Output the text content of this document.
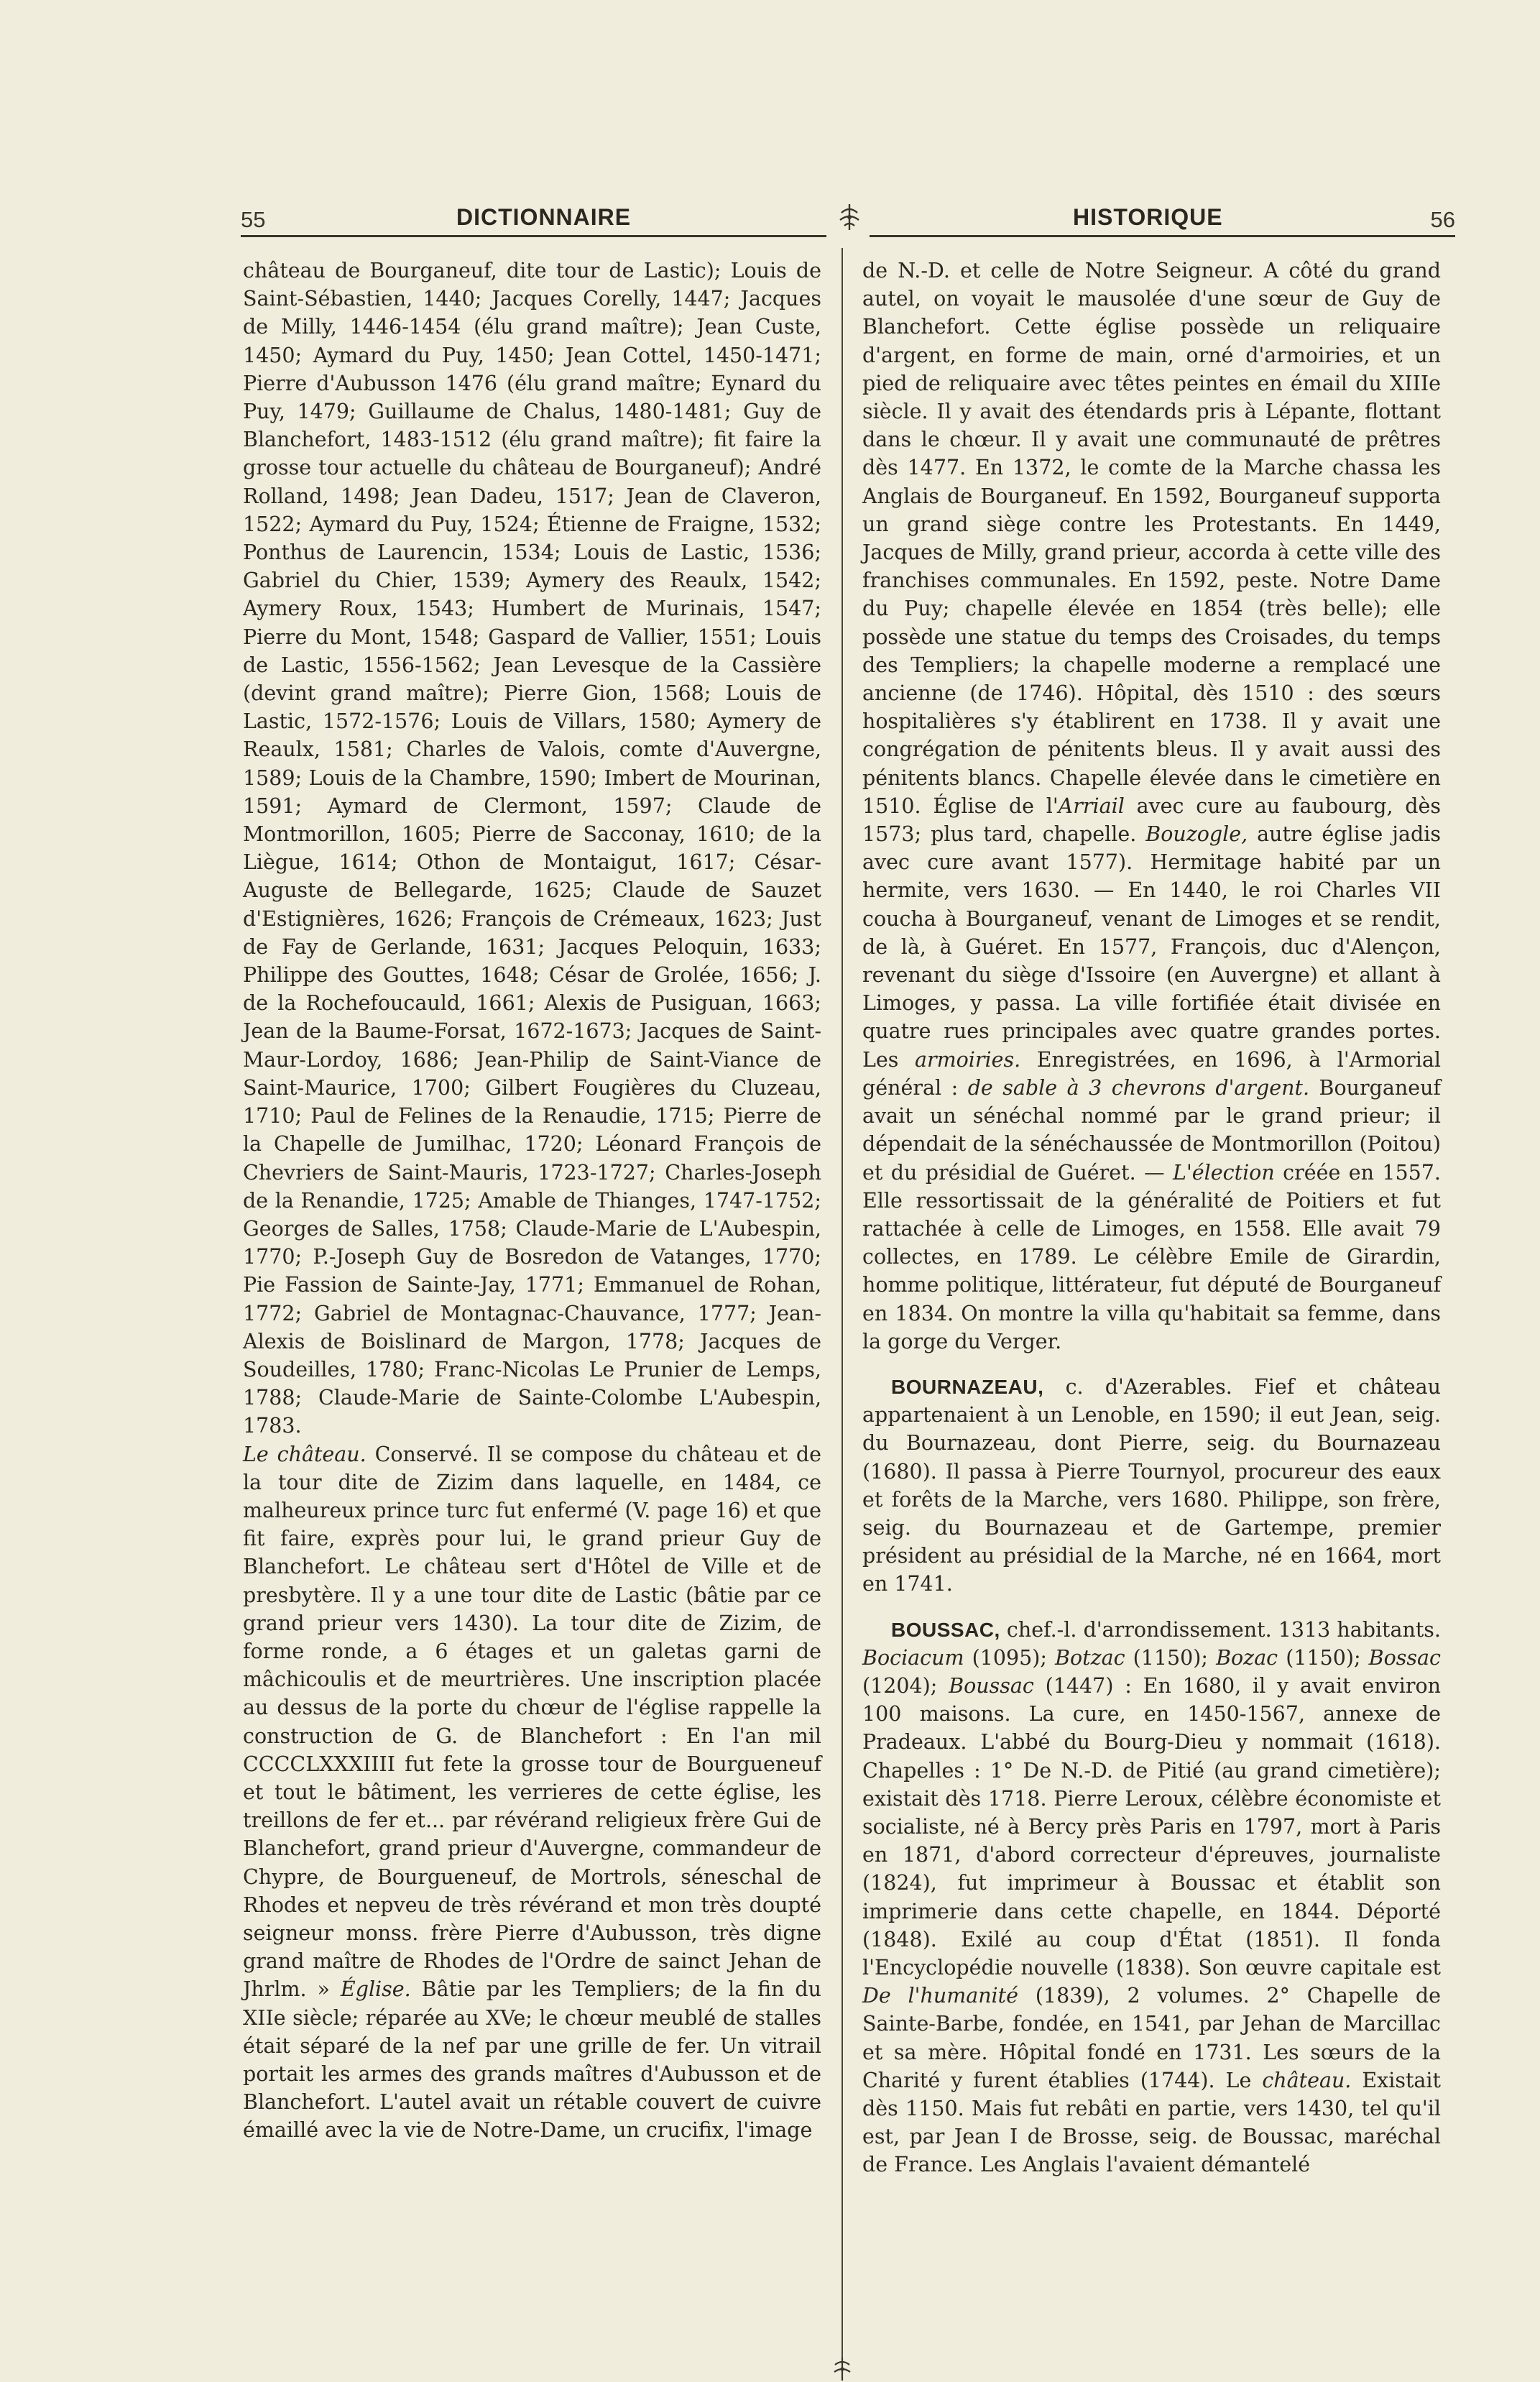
55	DICTIONNAIRE	HISTORIQUE	56

château de Bourganeuf, dite tour de Lastic); Louis de Saint-Sébastien, 1440; Jacques Corelly, 1447; Jacques de Milly, 1446-1454 (élu grand maître); Jean Custe, 1450; Aymard du Puy, 1450; Jean Cottel, 1450-1471; Pierre d'Aubusson 1476 (élu grand maître; Eynard du Puy, 1479; Guillaume de Chalus, 1480-1481; Guy de Blanchefort, 1483-1512 (élu grand maître); fit faire la grosse tour actuelle du château de Bourganeuf); André Rolland, 1498; Jean Dadeu, 1517; Jean de Claveron, 1522; Aymard du Puy, 1524; Étienne de Fraigne, 1532; Ponthus de Laurencin, 1534; Louis de Lastic, 1536; Gabriel du Chier, 1539; Aymery des Reaulx, 1542; Aymery Roux, 1543; Humbert de Murinais, 1547; Pierre du Mont, 1548; Gaspard de Vallier, 1551; Louis de Lastic, 1556-1562; Jean Levesque de la Cassière (devint grand maître); Pierre Gion, 1568; Louis de Lastic, 1572-1576; Louis de Villars, 1580; Aymery de Reaulx, 1581; Charles de Valois, comte d'Auvergne, 1589; Louis de la Chambre, 1590; Imbert de Mourinan, 1591; Aymard de Clermont, 1597; Claude de Montmorillon, 1605; Pierre de Sacconay, 1610; de la Liègue, 1614; Othon de Montaigut, 1617; César-Auguste de Bellegarde, 1625; Claude de Sauzet d'Estignières, 1626; François de Crémeaux, 1623; Just de Fay de Gerlande, 1631; Jacques Peloquin, 1633; Philippe des Gouttes, 1648; César de Grolée, 1656; J. de la Rochefoucauld, 1661; Alexis de Pusiguan, 1663; Jean de la Baume-Forsat, 1672-1673; Jacques de Saint-Maur-Lordoy, 1686; Jean-Philip de Saint-Viance de Saint-Maurice, 1700; Gilbert Fougières du Cluzeau, 1710; Paul de Felines de la Renaudie, 1715; Pierre de la Chapelle de Jumilhac, 1720; Léonard François de Chevriers de Saint-Mauris, 1723-1727; Charles-Joseph de la Renandie, 1725; Amable de Thianges, 1747-1752; Georges de Salles, 1758; Claude-Marie de L'Aubespin, 1770; P.-Joseph Guy de Bosredon de Vatanges, 1770; Pie Fassion de Sainte-Jay, 1771; Emmanuel de Rohan, 1772; Gabriel de Montagnac-Chauvance, 1777; Jean-Alexis de Boislinard de Margon, 1778; Jacques de Soudeilles, 1780; Franc-Nicolas Le Prunier de Lemps, 1788; Claude-Marie de Sainte-Colombe L'Aubespin, 1783.

Le château. Conservé. Il se compose du château et de la tour dite de Zizim dans laquelle, en 1484, ce malheureux prince turc fut enfermé (V. page 16) et que fit faire, exprès pour lui, le grand prieur Guy de Blanchefort. Le château sert d'Hôtel de Ville et de presbytère. Il y a une tour dite de Lastic (bâtie par ce grand prieur vers 1430). La tour dite de Zizim, de forme ronde, a 6 étages et un galetas garni de mâchicoulis et de meurtrières. Une inscription placée au dessus de la porte du chœur de l'église rappelle la construction de G. de Blanchefort : En l'an mil CCCCLXXXIIII fut fete la grosse tour de Bourgueneuf et tout le bâtiment, les verrieres de cette église, les treillons de fer et... par révérand religieux frère Gui de Blanchefort, grand prieur d'Auvergne, commandeur de Chypre, de Bourgueneuf, de Mortrols, séneschal de Rhodes et nepveu de très révérand et mon très doupté seigneur monss. frère Pierre d'Aubusson, très digne grand maître de Rhodes de l'Ordre de sainct Jehan de Jhrlm. » Église. Bâtie par les Templiers; de la fin du XIIe siècle; réparée au XVe; le chœur meublé de stalles était séparé de la nef par une grille de fer. Un vitrail portait les armes des grands maîtres d'Aubusson et de Blanchefort. L'autel avait un rétable couvert de cuivre émaillé avec la vie de Notre-Dame, un crucifix, l'image

de N.-D. et celle de Notre Seigneur. A côté du grand autel, on voyait le mausolée d'une sœur de Guy de Blanchefort. Cette église possède un reliquaire d'argent, en forme de main, orné d'armoiries, et un pied de reliquaire avec têtes peintes en émail du XIIIe siècle. Il y avait des étendards pris à Lépante, flottant dans le chœur. Il y avait une communauté de prêtres dès 1477. En 1372, le comte de la Marche chassa les Anglais de Bourganeuf. En 1592, Bourganeuf supporta un grand siège contre les Protestants. En 1449, Jacques de Milly, grand prieur, accorda à cette ville des franchises communales. En 1592, peste. Notre Dame du Puy; chapelle élevée en 1854 (très belle); elle possède une statue du temps des Croisades, du temps des Templiers; la chapelle moderne a remplacé une ancienne (de 1746). Hôpital, dès 1510 : des sœurs hospitalières s'y établirent en 1738. Il y avait une congrégation de pénitents bleus. Il y avait aussi des pénitents blancs. Chapelle élevée dans le cimetière en 1510. Église de l'Arriail avec cure au faubourg, dès 1573; plus tard, chapelle. Bouzogle, autre église jadis avec cure avant 1577). Hermitage habité par un hermite, vers 1630. — En 1440, le roi Charles VII coucha à Bourganeuf, venant de Limoges et se rendit, de là, à Guéret. En 1577, François, duc d'Alençon, revenant du siège d'Issoire (en Auvergne) et allant à Limoges, y passa. La ville fortifiée était divisée en quatre rues principales avec quatre grandes portes. Les armoiries. Enregistrées, en 1696, à l'Armorial général : de sable à 3 chevrons d'argent. Bourganeuf avait un sénéchal nommé par le grand prieur; il dépendait de la sénéchaussée de Montmorillon (Poitou) et du présidial de Guéret. — L'élection créée en 1557. Elle ressortissait de la généralité de Poitiers et fut rattachée à celle de Limoges, en 1558. Elle avait 79 collectes, en 1789. Le célèbre Emile de Girardin, homme politique, littérateur, fut député de Bourganeuf en 1834. On montre la villa qu'habitait sa femme, dans la gorge du Verger.

BOURNAZEAU, c. d'Azerables. Fief et château appartenaient à un Lenoble, en 1590; il eut Jean, seig. du Bournazeau, dont Pierre, seig. du Bournazeau (1680). Il passa à Pierre Tournyol, procureur des eaux et forêts de la Marche, vers 1680. Philippe, son frère, seig. du Bournazeau et de Gartempe, premier président au présidial de la Marche, né en 1664, mort en 1741.

BOUSSAC, chef.-l. d'arrondissement. 1313 habitants. Bociacum (1095); Botzac (1150); Bozac (1150); Bossac (1204); Boussac (1447) : En 1680, il y avait environ 100 maisons. La cure, en 1450-1567, annexe de Pradeaux. L'abbé du Bourg-Dieu y nommait (1618). Chapelles : 1° De N.-D. de Pitié (au grand cimetière); existait dès 1718. Pierre Leroux, célèbre économiste et socialiste, né à Bercy près Paris en 1797, mort à Paris en 1871, d'abord correcteur d'épreuves, journaliste (1824), fut imprimeur à Boussac et établit son imprimerie dans cette chapelle, en 1844. Déporté (1848). Exilé au coup d'État (1851). Il fonda l'Encyclopédie nouvelle (1838). Son œuvre capitale est De l'humanité (1839), 2 volumes. 2° Chapelle de Sainte-Barbe, fondée, en 1541, par Jehan de Marcillac et sa mère. Hôpital fondé en 1731. Les sœurs de la Charité y furent établies (1744). Le château. Existait dès 1150. Mais fut rebâti en partie, vers 1430, tel qu'il est, par Jean I de Brosse, seig. de Boussac, maréchal de France. Les Anglais l'avaient démantelé
